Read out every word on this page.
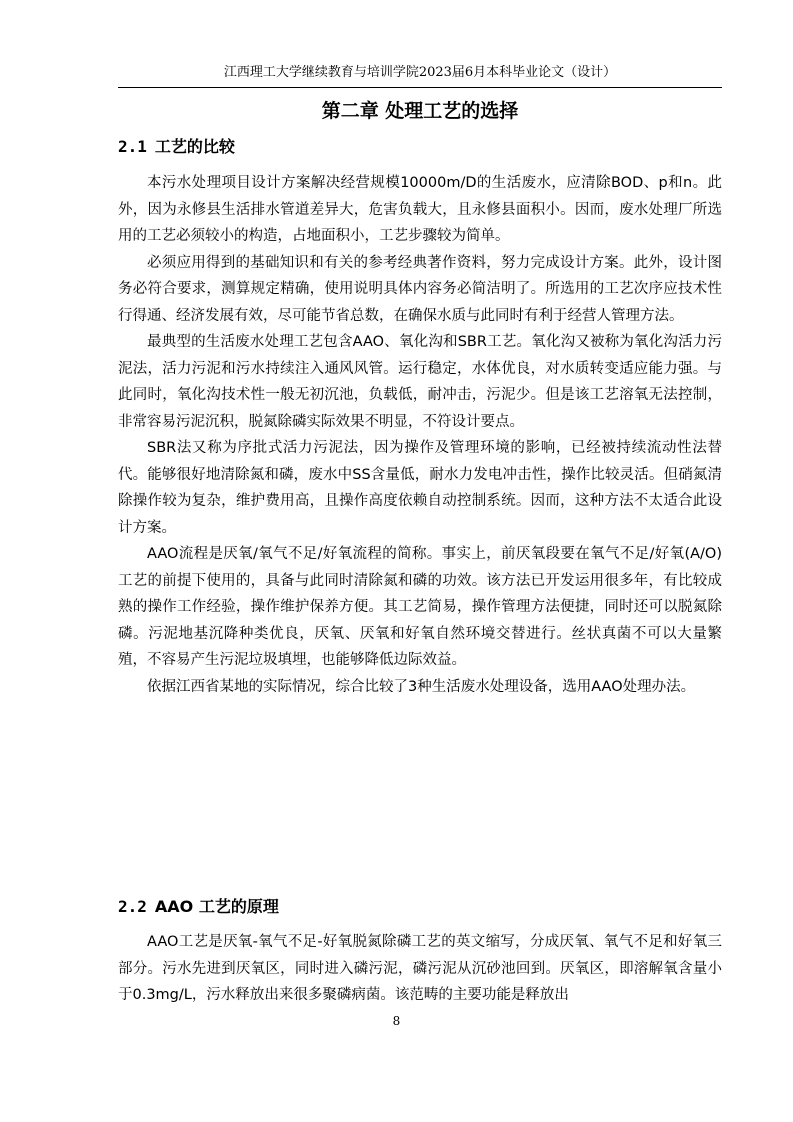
江西理工大学继续教育与培训学院2023届6月本科毕业论文（设计）
第二章 处理工艺的选择
2.1 工艺的比较

本污水处理项目设计方案解决经营规模10000m/D的生活废水，应清除BOD、p和n。此外，因为永修县生活排水管道差异大，危害负载大，且永修县面积小。因而，废水处理厂所选用的工艺必须较小的构造，占地面积小，工艺步骤较为简单。

必须应用得到的基础知识和有关的参考经典著作资料，努力完成设计方案。此外，设计图务必符合要求，测算规定精确，使用说明具体内容务必简洁明了。所选用的工艺次序应技术性行得通、经济发展有效，尽可能节省总数，在确保水质与此同时有利于经营人管理方法。

最典型的生活废水处理工艺包含AAO、氧化沟和SBR工艺。氧化沟又被称为氧化沟活力污泥法，活力污泥和污水持续注入通风风管。运行稳定，水体优良，对水质转变适应能力强。与此同时，氧化沟技术性一般无初沉池，负载低，耐冲击，污泥少。但是该工艺溶氧无法控制，非常容易污泥沉积，脱氮除磷实际效果不明显，不符设计要点。

SBR法又称为序批式活力污泥法，因为操作及管理环境的影响，已经被持续流动性法替代。能够很好地清除氮和磷，废水中SS含量低，耐水力发电冲击性，操作比较灵活。但硝氮清除操作较为复杂，维护费用高，且操作高度依赖自动控制系统。因而，这种方法不太适合此设计方案。

AAO流程是厌氧/氧气不足/好氧流程的简称。事实上，前厌氧段要在氧气不足/好氧(A/O)工艺的前提下使用的，具备与此同时清除氮和磷的功效。该方法已开发运用很多年，有比较成熟的操作工作经验，操作维护保养方便。其工艺简易，操作管理方法便捷，同时还可以脱氮除磷。污泥地基沉降种类优良，厌氧、厌氧和好氧自然环境交替进行。丝状真菌不可以大量繁殖，不容易产生污泥垃圾填埋，也能够降低边际效益。

依据江西省某地的实际情况，综合比较了3种生活废水处理设备，选用AAO处理办法。

2.2 AAO 工艺的原理

AAO工艺是厌氧-氧气不足-好氧脱氮除磷工艺的英文缩写，分成厌氧、氧气不足和好氧三部分。污水先进到厌氧区，同时进入磷污泥，磷污泥从沉砂池回到。厌氧区，即溶解氧含量小于0.3mg/L，污水释放出来很多聚磷病菌。该范畴的主要功能是释放出

8
